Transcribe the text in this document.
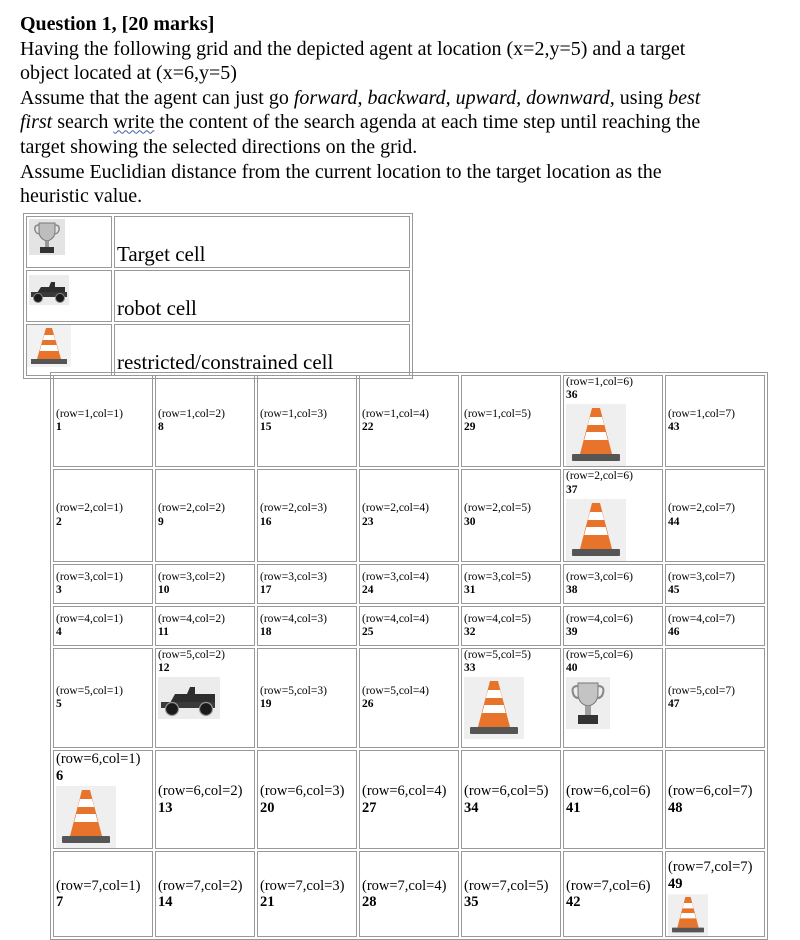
Question 1, [20 marks]
Having the following grid and the depicted agent at location (x=2,y=5) and a target
object located at (x=6,y=5)
Assume that the agent can just go forward, backward, upward, downward, using best
first search write the content of the search agenda at each time step until reaching the
target showing the selected directions on the grid.
Assume Euclidian distance from the current location to the target location as the
heuristic value.
	Target cell

	robot cell

	restricted/constrained cell
(row=1,col=1)
1	(row=1,col=2)
8	(row=1,col=3)
15	(row=1,col=4)
22	(row=1,col=5)
29	(row=1,col=6)
36	(row=1,col=7)
43

(row=2,col=1)
2	(row=2,col=2)
9	(row=2,col=3)
16	(row=2,col=4)
23	(row=2,col=5)
30	(row=2,col=6)
37	(row=2,col=7)
44

(row=3,col=1)
3	(row=3,col=2)
10	(row=3,col=3)
17	(row=3,col=4)
24	(row=3,col=5)
31	(row=3,col=6)
38	(row=3,col=7)
45

(row=4,col=1)
4	(row=4,col=2)
11	(row=4,col=3)
18	(row=4,col=4)
25	(row=4,col=5)
32	(row=4,col=6)
39	(row=4,col=7)
46

(row=5,col=1)
5	(row=5,col=2)
12	(row=5,col=3)
19	(row=5,col=4)
26	(row=5,col=5)
33	(row=5,col=6)
40	(row=5,col=7)
47

(row=6,col=1)
6	(row=6,col=2)
13	(row=6,col=3)
20	(row=6,col=4)
27	(row=6,col=5)
34	(row=6,col=6)
41	(row=6,col=7)
48

(row=7,col=1)
7	(row=7,col=2)
14	(row=7,col=3)
21	(row=7,col=4)
28	(row=7,col=5)
35	(row=7,col=6)
42	(row=7,col=7)
49
